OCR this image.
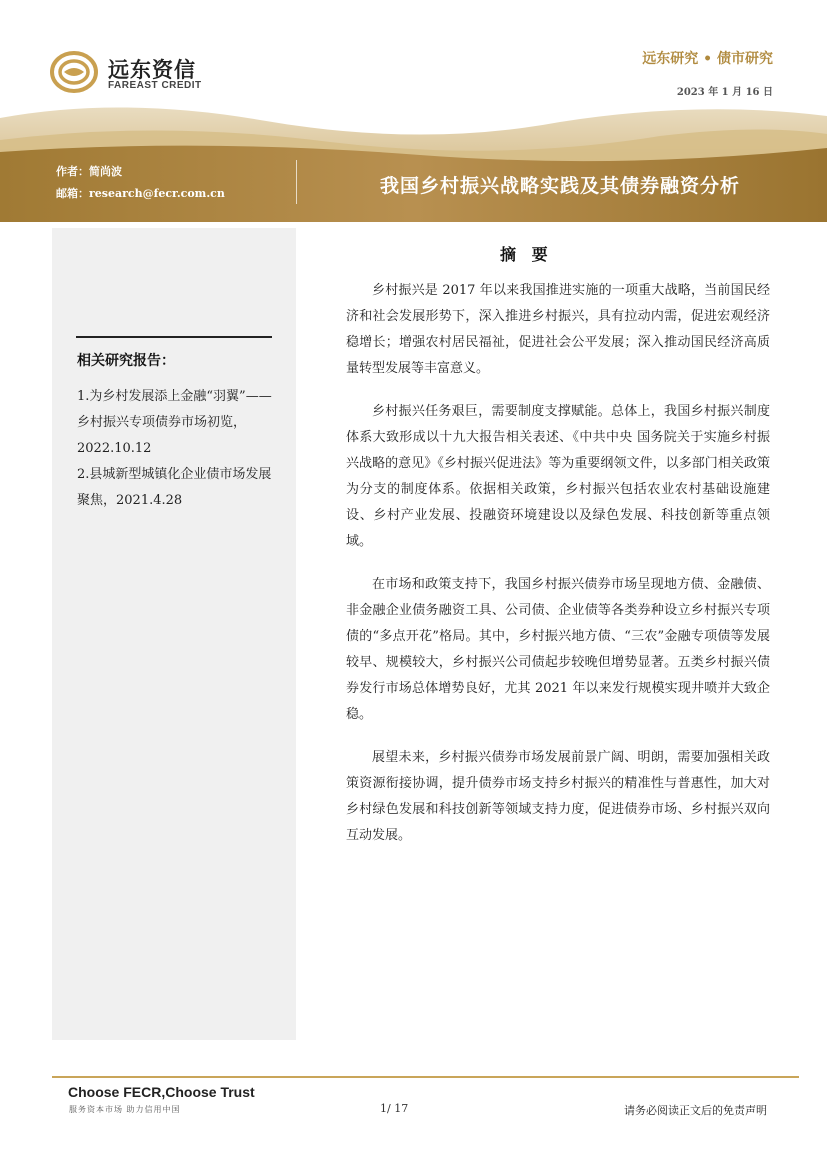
远东资信
FAREAST CREDIT
远东研究 • 债市研究
2023 年 1 月 16 日
作者：简尚波
邮箱：research@fecr.com.cn	我国乡村振兴战略实践及其债券融资分析
相关研究报告：

1.为乡村发展添上金融“羽翼”——乡村振兴专项债券市场初览，2022.10.12

2.县城新型城镇化企业债市场发展聚焦，2021.4.28

摘 要

乡村振兴是 2017 年以来我国推进实施的一项重大战略，当前国民经济和社会发展形势下，深入推进乡村振兴，具有拉动内需，促进宏观经济稳增长；增强农村居民福祉，促进社会公平发展；深入推动国民经济高质量转型发展等丰富意义。

乡村振兴任务艰巨，需要制度支撑赋能。总体上，我国乡村振兴制度体系大致形成以十九大报告相关表述、《中共中央 国务院关于实施乡村振兴战略的意见》《乡村振兴促进法》等为重要纲领文件，以多部门相关政策为分支的制度体系。依据相关政策，乡村振兴包括农业农村基础设施建设、乡村产业发展、投融资环境建设以及绿色发展、科技创新等重点领域。

在市场和政策支持下，我国乡村振兴债券市场呈现地方债、金融债、非金融企业债务融资工具、公司债、企业债等各类券种设立乡村振兴专项债的“多点开花”格局。其中，乡村振兴地方债、“三农”金融专项债等发展较早、规模较大，乡村振兴公司债起步较晚但增势显著。五类乡村振兴债券发行市场总体增势良好，尤其 2021 年以来发行规模实现井喷并大致企稳。

展望未来，乡村振兴债券市场发展前景广阔、明朗，需要加强相关政策资源衔接协调，提升债券市场支持乡村振兴的精准性与普惠性，加大对乡村绿色发展和科技创新等领域支持力度，促进债券市场、乡村振兴双向互动发展。

Choose FECR,Choose Trust
服务资本市场 助力信用中国	1/ 17	请务必阅读正文后的免责声明
